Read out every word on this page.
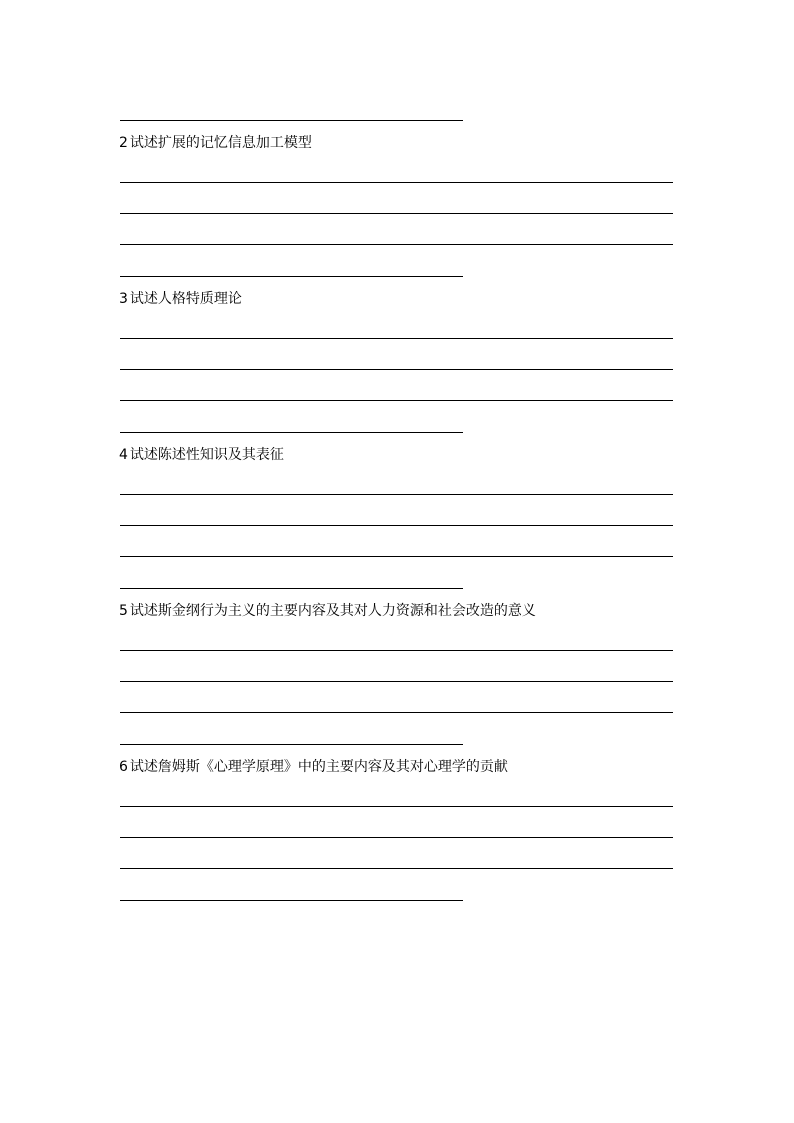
2 试述扩展的记忆信息加工模型
3 试述人格特质理论
4 试述陈述性知识及其表征
5 试述斯金纲行为主义的主要内容及其对人力资源和社会改造的意义
6 试述詹姆斯《心理学原理》中的主要内容及其对心理学的贡献
